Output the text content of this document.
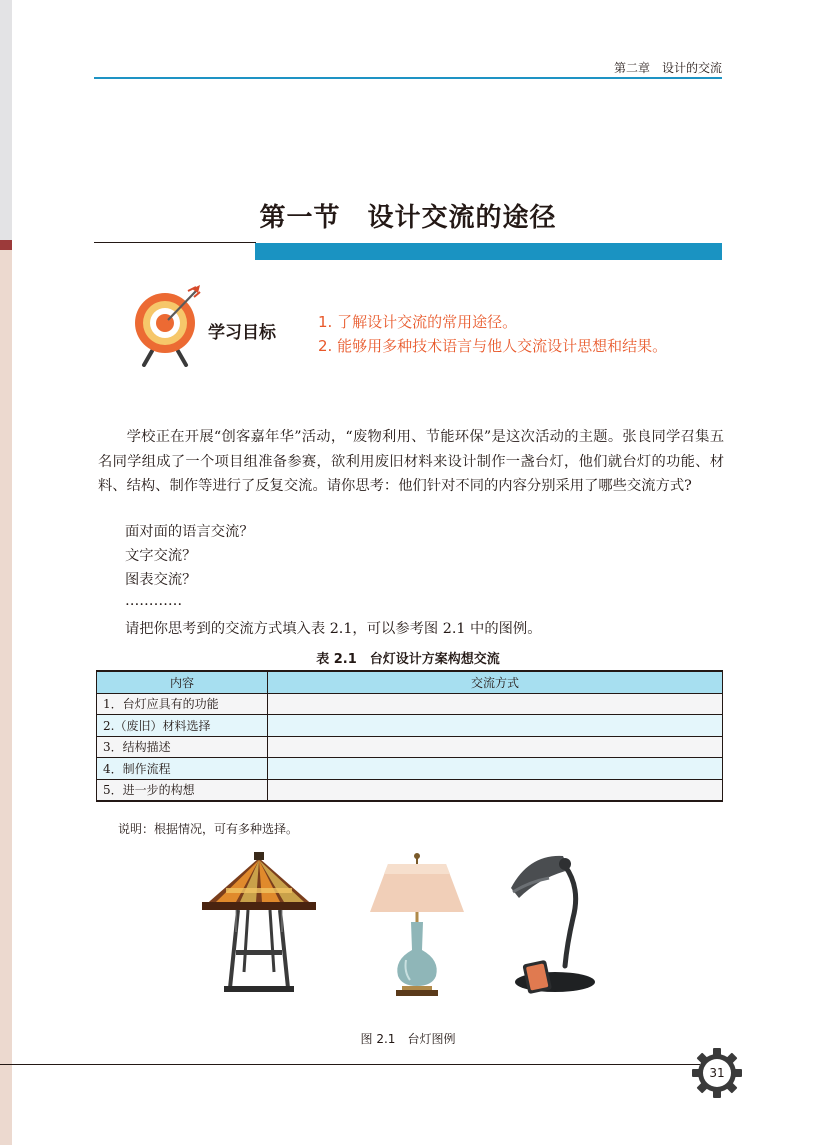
第二章　设计的交流
第一节　设计交流的途径
学习目标
1. 了解设计交流的常用途径。
2. 能够用多种技术语言与他人交流设计思想和结果。

学校正在开展“创客嘉年华”活动，“废物利用、节能环保”是这次活动的主题。张良同学召集五名同学组成了一个项目组准备参赛，欲利用废旧材料来设计制作一盏台灯，他们就台灯的功能、材料、结构、制作等进行了反复交流。请你思考：他们针对不同的内容分别采用了哪些交流方式?

面对面的语言交流？
文字交流？
图表交流？
…………
请把你思考到的交流方式填入表 2.1，可以参考图 2.1 中的图例。
表 2.1　台灯设计方案构想交流
内容	交流方式
1．台灯应具有的功能	
2.（废旧）材料选择	
3．结构描述	
4．制作流程	
5．进一步的构想	
说明：根据情况，可有多种选择。
图 2.1　台灯图例
31
